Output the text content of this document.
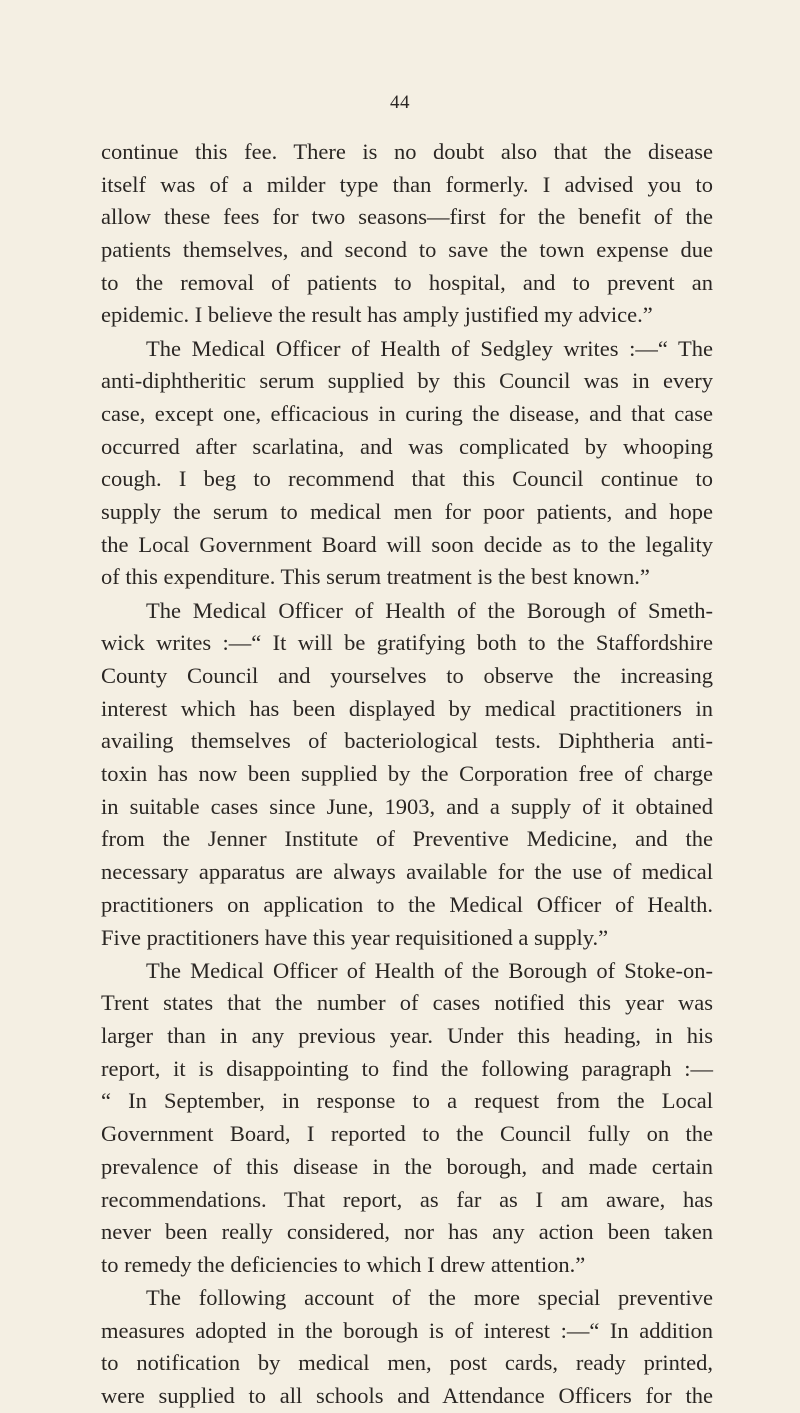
44
continue this fee. There is no doubt also that the disease
itself was of a milder type than formerly. I advised you to
allow these fees for two seasons—first for the benefit of the
patients themselves, and second to save the town expense due
to the removal of patients to hospital, and to prevent an
epidemic. I believe the result has amply justified my advice.”
The Medical Officer of Health of Sedgley writes :—“ The
anti-diphtheritic serum supplied by this Council was in every
case, except one, efficacious in curing the disease, and that case
occurred after scarlatina, and was complicated by whooping
cough. I beg to recommend that this Council continue to
supply the serum to medical men for poor patients, and hope
the Local Government Board will soon decide as to the legality
of this expenditure. This serum treatment is the best known.”
The Medical Officer of Health of the Borough of Smeth-
wick writes :—“ It will be gratifying both to the Staffordshire
County Council and yourselves to observe the increasing
interest which has been displayed by medical practitioners in
availing themselves of bacteriological tests. Diphtheria anti-
toxin has now been supplied by the Corporation free of charge
in suitable cases since June, 1903, and a supply of it obtained
from the Jenner Institute of Preventive Medicine, and the
necessary apparatus are always available for the use of medical
practitioners on application to the Medical Officer of Health.
Five practitioners have this year requisitioned a supply.”
The Medical Officer of Health of the Borough of Stoke-on-
Trent states that the number of cases notified this year was
larger than in any previous year. Under this heading, in his
report, it is disappointing to find the following paragraph :—
“ In September, in response to a request from the Local
Government Board, I reported to the Council fully on the
prevalence of this disease in the borough, and made certain
recommendations. That report, as far as I am aware, has
never been really considered, nor has any action been taken
to remedy the deficiencies to which I drew attention.”
The following account of the more special preventive
measures adopted in the borough is of interest :—“ In addition
to notification by medical men, post cards, ready printed,
were supplied to all schools and Attendance Officers for the
